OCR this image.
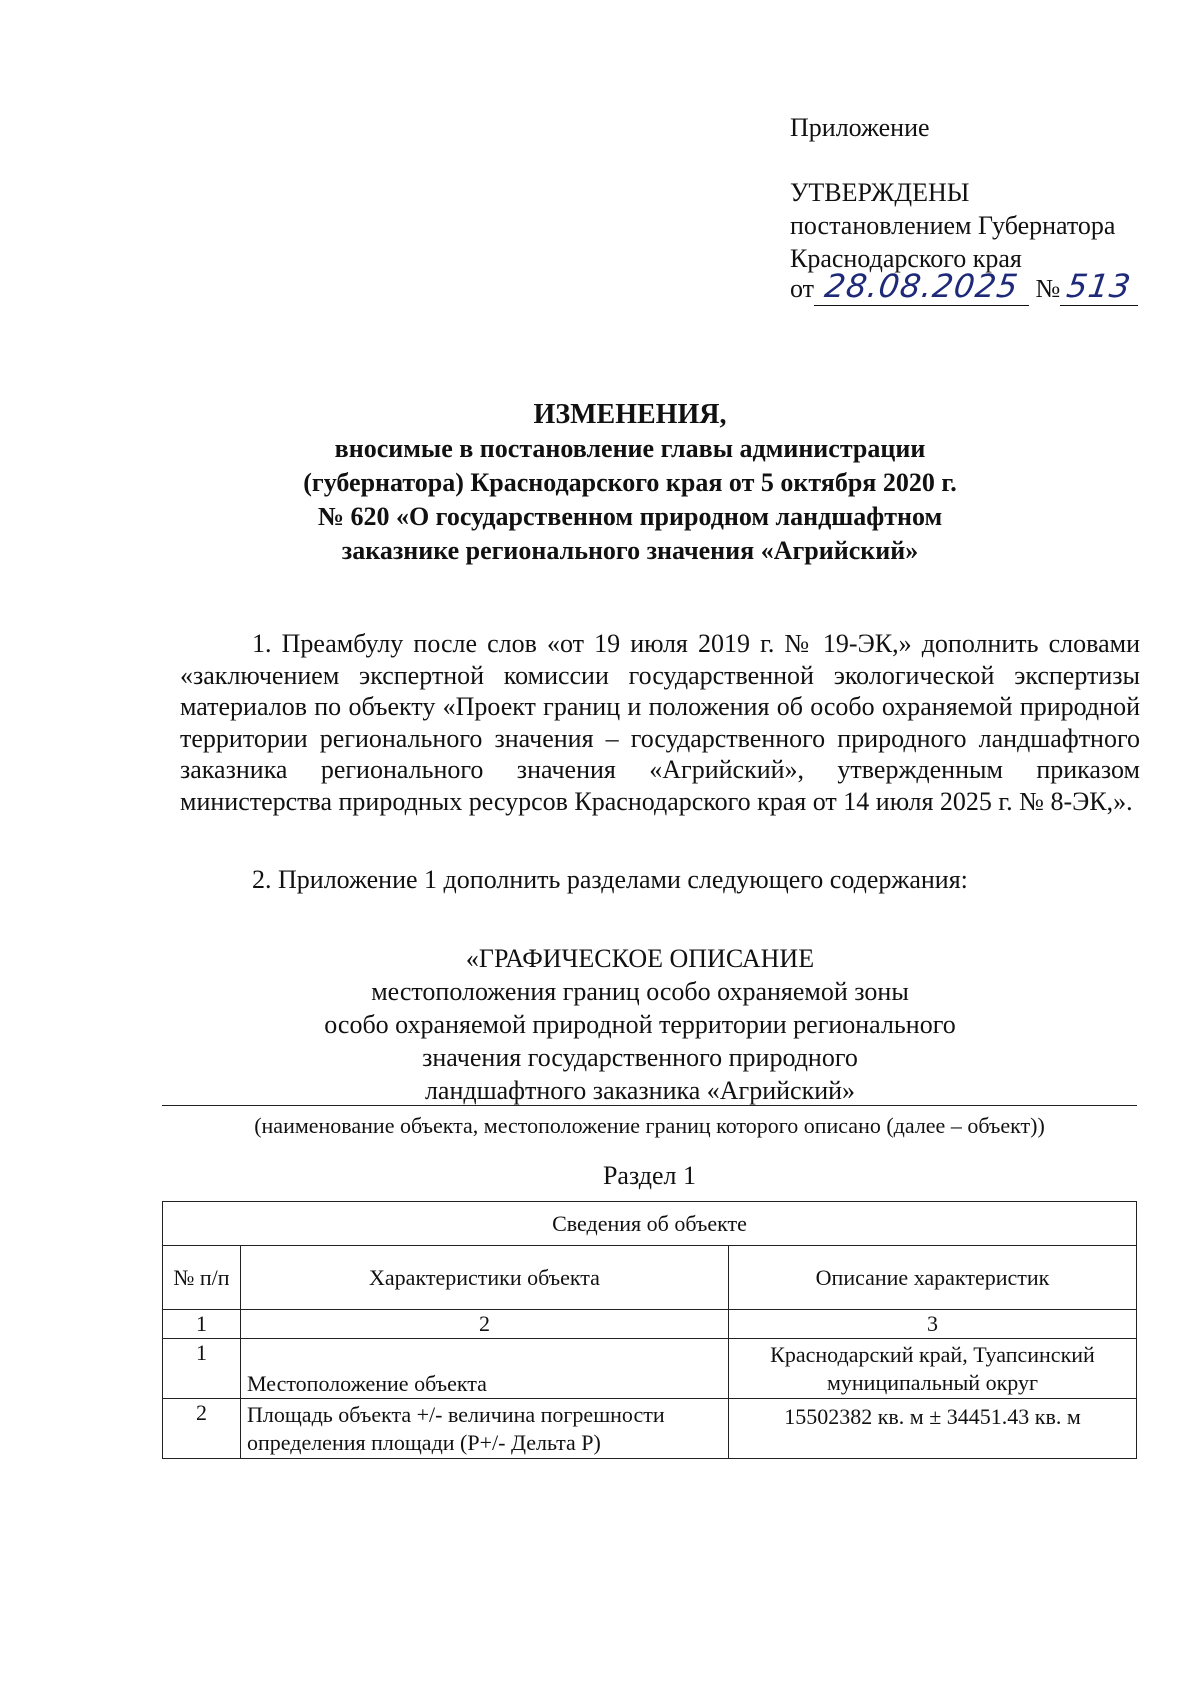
Приложение
УТВЕРЖДЕНЫ
постановлением Губернатора
Краснодарского края
от 28.08.2025 № 513
ИЗМЕНЕНИЯ,
вносимые в постановление главы администрации
(губернатора) Краснодарского края от 5 октября 2020 г.
№ 620 «О государственном природном ландшафтном
заказнике регионального значения «Агрийский»
1. Преамбулу после слов «от 19 июля 2019 г. № 19-ЭК,» дополнить словами «заключением экспертной комиссии государственной экологической экспертизы материалов по объекту «Проект границ и положения об особо охраняемой природной территории регионального значения – государственного природного ландшафтного заказника регионального значения «Агрийский», утвержденным приказом министерства природных ресурсов Краснодарского края от 14 июля 2025 г. № 8-ЭК,».
2. Приложение 1 дополнить разделами следующего содержания:
«ГРАФИЧЕСКОЕ ОПИСАНИЕ
местоположения границ особо охраняемой зоны
особо охраняемой природной территории регионального
значения государственного природного
ландшафтного заказника «Агрийский»
(наименование объекта, местоположение границ которого описано (далее – объект))
Раздел 1
Сведения об объекте		
№ п/п	Характеристики объекта	Описание характеристик
1	2	3
1	Местоположение объекта	Краснодарский край, Туапсинский муниципальный округ
2	Площадь объекта +/- величина погрешности определения площади (P+/- Дельта P)	15502382 кв. м ± 34451.43 кв. м
